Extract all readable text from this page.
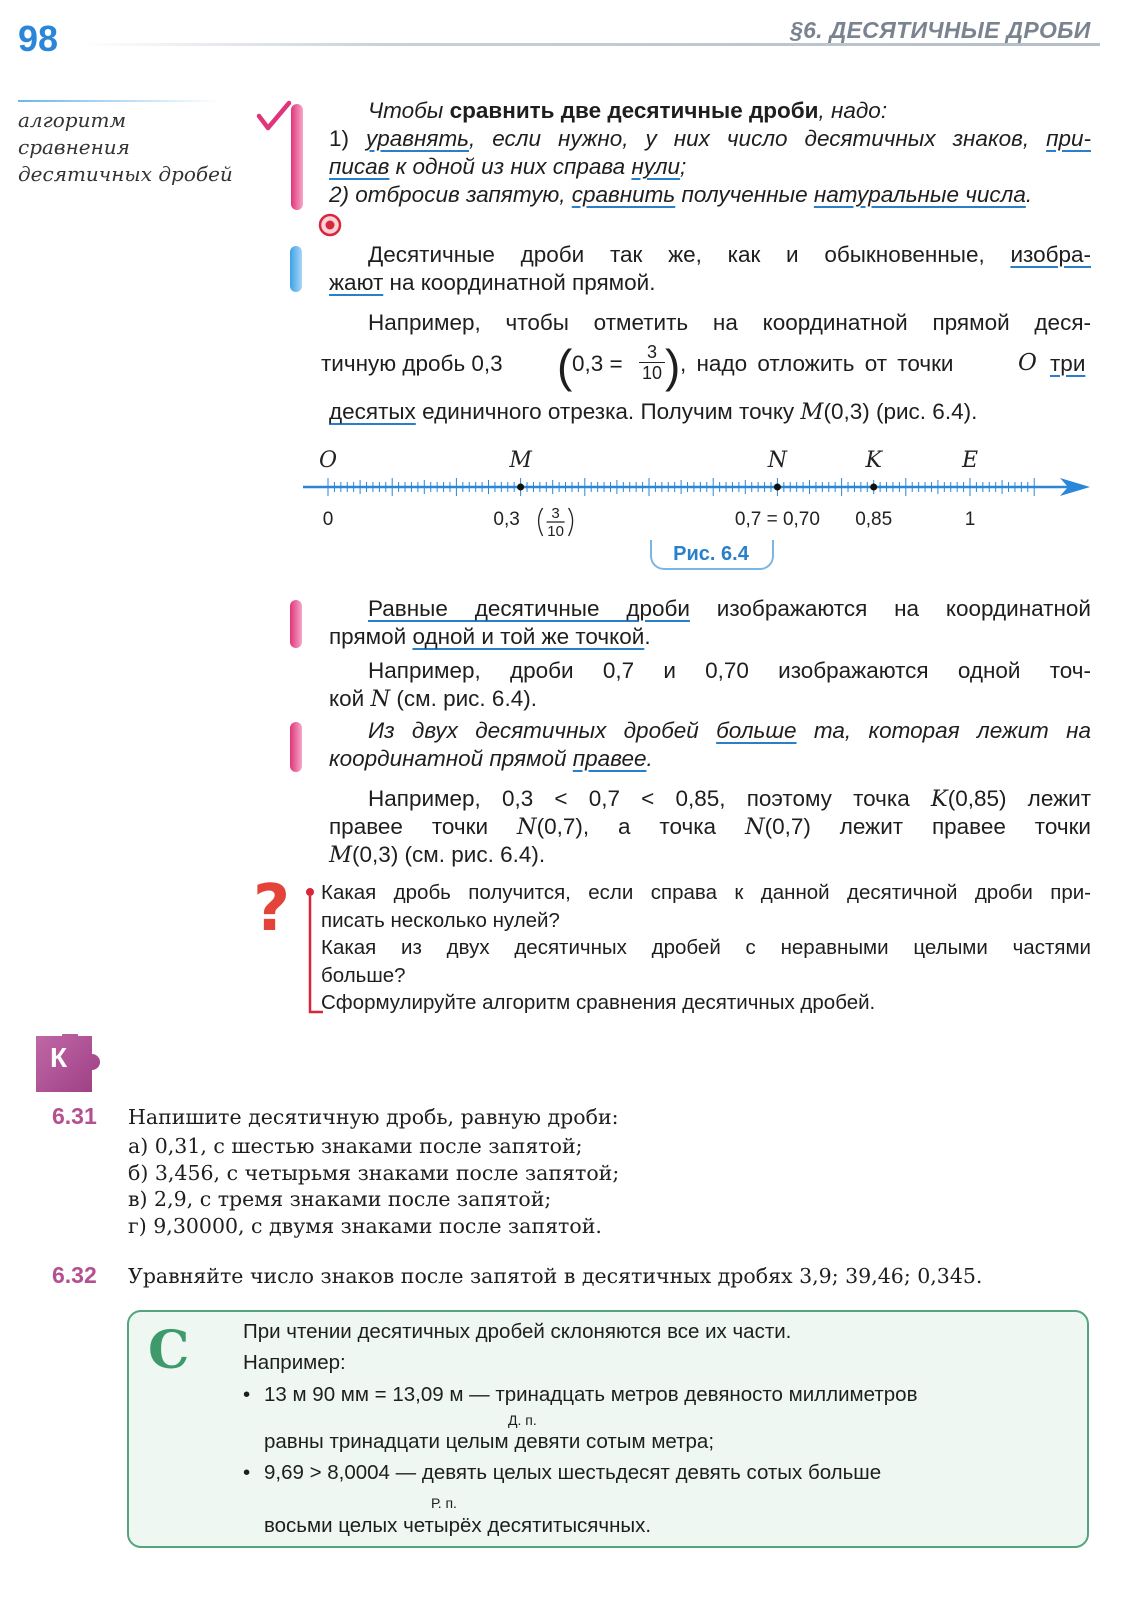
98	§6. ДЕСЯТИЧНЫЕ ДРОБИ
алгоритм
сравнения
десятичных дробей
Чтобы сравнить две десятичные дроби, надо:
1) уравнять, если нужно, у них число десятичных знаков, при-
писав к одной из них справа нули;
2) отбросив запятую, сравнить полученные натуральные числа.
Десятичные дроби так же, как и обыкновенные, изобра-
жают на координатной прямой.
Например, чтобы отметить на координатной прямой деся-
тичную дробь 0,3 ( $0,3 = \frac{3}{10}$ ) , надо отложить от точки	O три
десятых единичного отрезка. Получим точку M(0,3) (рис. 6.4).
O
0
M
0,3 3
10
N
0,7 = 0,70
K
0,85
E
1
Рис. 6.4
Равные десятичные дроби изображаются на координатной
прямой одной и той же точкой.
Например, дроби 0,7 и 0,70 изображаются одной точ-
кой N (см. рис. 6.4).
Из двух десятичных дробей больше та, которая лежит на
координатной прямой правее.
Например, 0,3 < 0,7 < 0,85, поэтому точка K(0,85) лежит
правее точки N(0,7), а точка N(0,7) лежит правее точки
M(0,3) (см. рис. 6.4).
? Какая дробь получится, если справа к данной десятичной дроби при-
писать несколько нулей?
Какая из двух десятичных дробей с неравными целыми частями
больше?
Сформулируйте алгоритм сравнения десятичных дробей.
К
6.31 Напишите десятичную дробь, равную дроби:
а) 0,31, с шестью знаками после запятой;
б) 3,456, с четырьмя знаками после запятой;
в) 2,9, с тремя знаками после запятой;
г) 9,30000, с двумя знаками после запятой.
6.32 Уравняйте число знаков после запятой в десятичных дробях 3,9; 39,46; 0,345.
С	При чтении десятичных дробей склоняются все их части.
Например:
• 13 м 90 мм = 13,09 м — тринадцать метров девяносто миллиметров
Д. п.
равны тринадцати целым девяти сотым метра;
• 9,69 > 8,0004 — девять целых шестьдесят девять сотых больше
Р. п.
восьми целых четырёх десятитысячных.
